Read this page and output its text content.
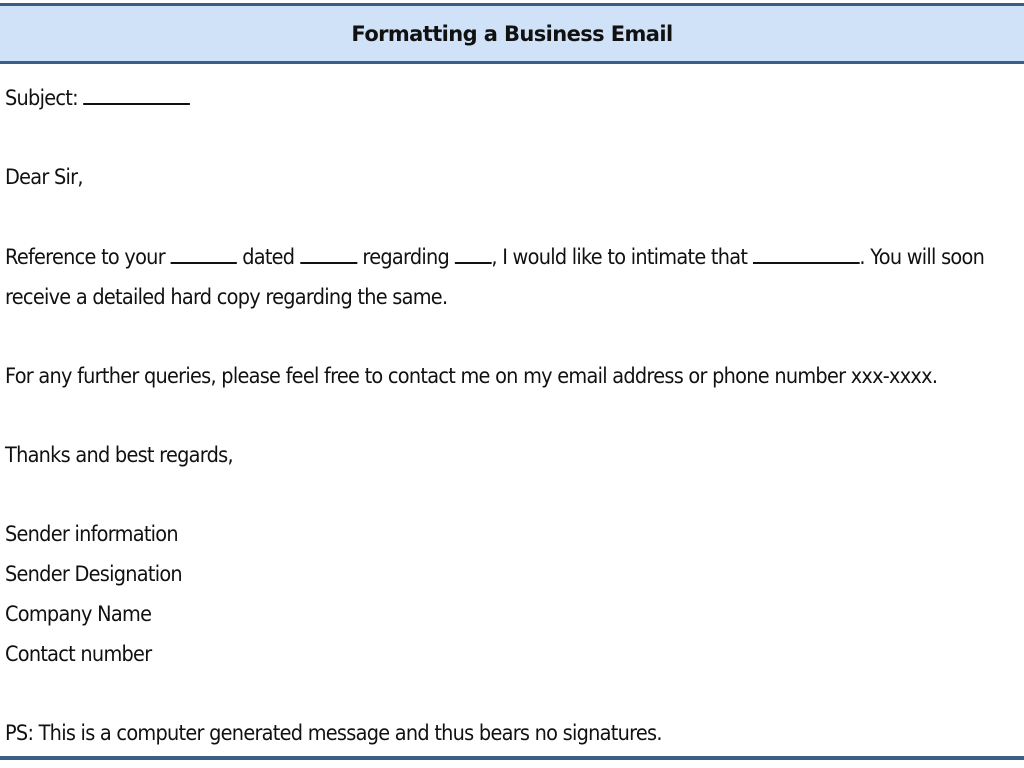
Formatting a Business Email
Subject:
Dear Sir,
Reference to your	dated	regarding , I would like to intimate that	. You will soon
receive a detailed hard copy regarding the same.
For any further queries, please feel free to contact me on my email address or phone number xxx-xxxx.
Thanks and best regards,
Sender information
Sender Designation
Company Name
Contact number
PS: This is a computer generated message and thus bears no signatures.
